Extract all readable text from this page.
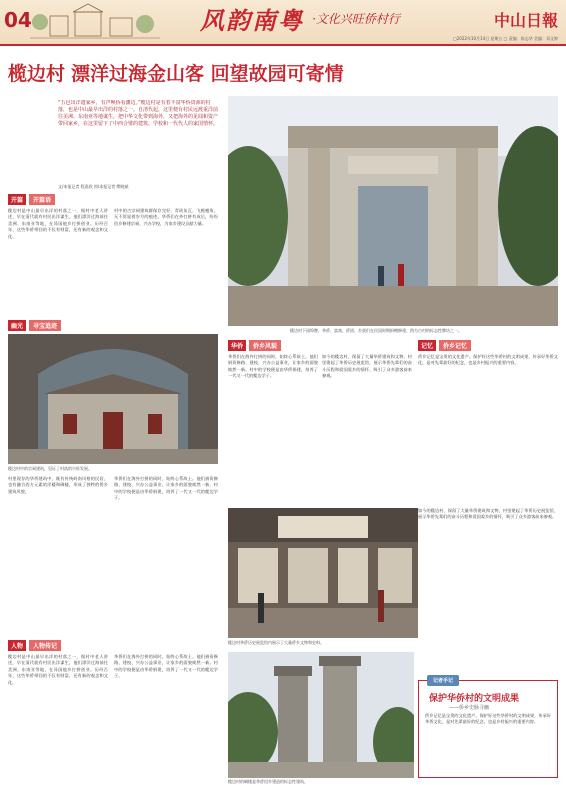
04	风韵南粤 ·文化兴旺侨村行	中山日報
□2022年10月14日 星期五 □ 责编：陈志华 美编：邓文婷
榄边村 漂洋过海金山客 回望故园可寄情
“五邑出洋遗家乡，有声唤侨看藩边。”榄边村是有着丰富华侨资源的村落，也是中山最早出洋的村落之一。自清代起，这里便有村民远渡重洋前往美洲、东南亚等地谋生，把中华文化带到海外，又把海外的见闻和资产带回家乡，在这里留下了中西合璧的建筑、学校和一代代人的家国情怀。
文/本报记者 程嘉欣 图/本报记者 缪晓斌
榄边村下园埠牌，华侨、富商、侨团、乡贤们在民国时期捐赠修建。图为古村的标志性牌坊之一。
开篇	开篇语
榄边村是中山最早出洋的村落之一，据村中老人讲述，早在清代就有村民出洋谋生，他们漂洋过海前往美洲、东南亚等地，在异国他乡打拼创业。历经百年，这些华侨带回的不仅有财富，还有新的观念和文化。
村中的古宗祠建筑群保存完好，青砖灰瓦、飞檐翘角，无不诉说着岁月的痕迹。华侨们在外打拼有成后，纷纷回乡修建宗祠、兴办学校，为家乡建设贡献力量。
幽光	寻宝追迹
榄边村中的宗祠建筑，见证了村落的兴旺发展。
村里现存的华侨建筑中，既有传统岭南风格的民居，也有融合西方元素的洋楼和碉楼，形成了独特的侨乡建筑风貌。
华侨们在海外打拼的同时，始终心系故土。他们捐资修路、建校、兴办公益事业，让家乡的面貌焕然一新。村中的学校便是由华侨捐建，培养了一代又一代的榄边学子。
人物	人物传记
榄边村是中山最早出洋的村落之一，据村中老人讲述，早在清代就有村民出洋谋生，他们漂洋过海前往美洲、东南亚等地，在异国他乡打拼创业。历经百年，这些华侨带回的不仅有财富，还有新的观念和文化。
华侨们在海外打拼的同时，始终心系故土。他们捐资修路、建校、兴办公益事业，让家乡的面貌焕然一新。村中的学校便是由华侨捐建，培养了一代又一代的榄边学子。
华侨	侨乡风貌
华侨们在海外打拼的同时，始终心系故土。他们捐资修路、建校、兴办公益事业，让家乡的面貌焕然一新。村中的学校便是由华侨捐建，培养了一代又一代的榄边学子。
如今的榄边村，保留了大量华侨建筑和文物，村里建起了华侨历史展览馆，展示华侨先辈们的奋斗历程和爱国爱乡的情怀，吸引了众多游客前来参观。
记忆	侨乡记忆
侨乡记忆是宝贵的文化遗产。保护好这些华侨村的文明成果，传承好华侨文化，是对先辈最好的纪念，也是乡村振兴的重要内容。
榄边村华侨历史展览馆内展示了大量侨乡文物和史料。
如今的榄边村，保留了大量华侨建筑和文物，村里建起了华侨历史展览馆，展示华侨先辈们的奋斗历程和爱国爱乡的情怀，吸引了众多游客前来参观。
榄边村的碉楼是华侨回乡建造的标志性建筑。
记者手记
保护华侨村的文明成果
——侨乡史脉寻幽
侨乡记忆是宝贵的文化遗产。保护好这些华侨村的文明成果，传承好华侨文化，是对先辈最好的纪念，也是乡村振兴的重要内容。
